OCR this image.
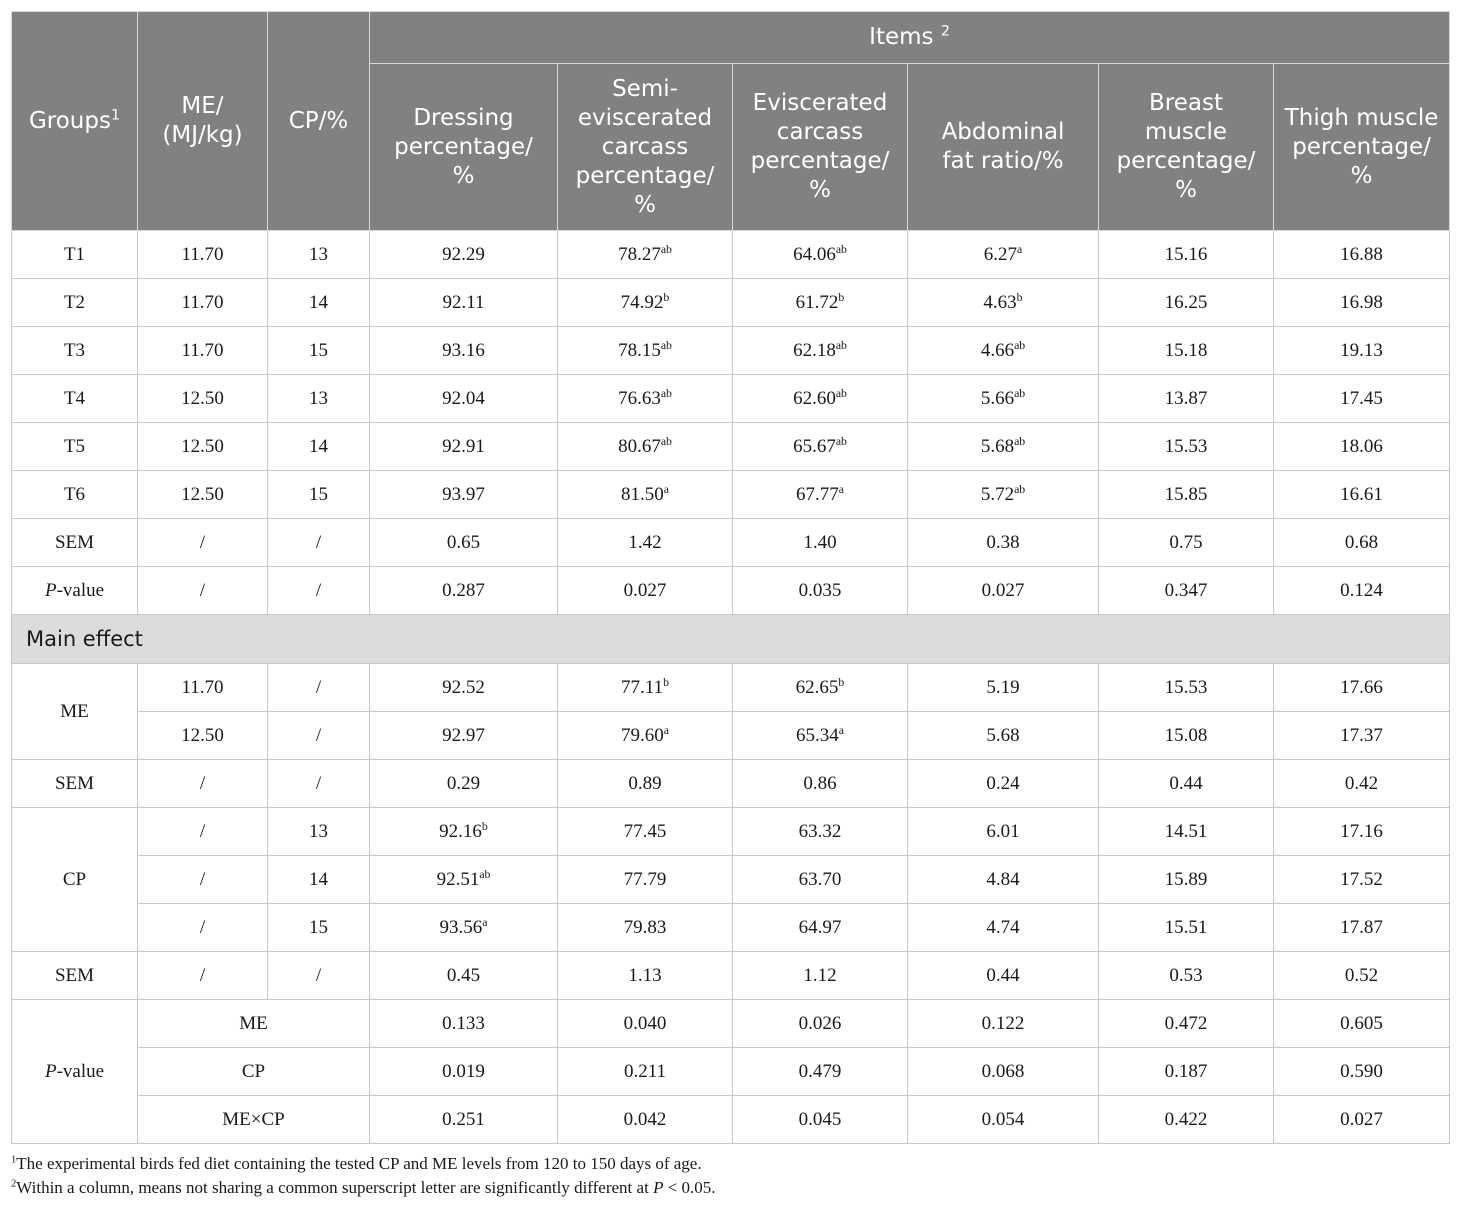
Groups$^1$	ME/ (MJ/kg)	CP/%	Items $^2$
			Dressing percentage/ %	Semi-eviscerated carcass percentage/ %	Eviscerated carcass percentage/ %	Abdominal fat ratio/%	Breast muscle percentage/ %	Thigh muscle percentage/ %
T1	11.70	13	92.29	78.27$^{ab}$	64.06$^{ab}$	6.27$^a$	15.16	16.88
T2	11.70	14	92.11	74.92$^b$	61.72$^b$	4.63$^b$	16.25	16.98
T3	11.70	15	93.16	78.15$^{ab}$	62.18$^{ab}$	4.66$^{ab}$	15.18	19.13
T4	12.50	13	92.04	76.63$^{ab}$	62.60$^{ab}$	5.66$^{ab}$	13.87	17.45
T5	12.50	14	92.91	80.67$^{ab}$	65.67$^{ab}$	5.68$^{ab}$	15.53	18.06
T6	12.50	15	93.97	81.50$^a$	67.77$^a$	5.72$^{ab}$	15.85	16.61
SEM	/	/	0.65	1.42	1.40	0.38	0.75	0.68
P-value	/	/	0.287	0.027	0.035	0.027	0.347	0.124
Main effect								
ME	11.70	/	92.52	77.11$^b$	62.65$^b$	5.19	15.53	17.66
	12.50	/	92.97	79.60$^a$	65.34$^a$	5.68	15.08	17.37
SEM	/	/	0.29	0.89	0.86	0.24	0.44	0.42
CP	/	13	92.16$^b$	77.45	63.32	6.01	14.51	17.16
	/	14	92.51$^{ab}$	77.79	63.70	4.84	15.89	17.52
	/	15	93.56$^a$	79.83	64.97	4.74	15.51	17.87
SEM	/	/	0.45	1.13	1.12	0.44	0.53	0.52
P-value	ME		0.133	0.040	0.026	0.122	0.472	0.605
	CP		0.019	0.211	0.479	0.068	0.187	0.590
	ME×CP		0.251	0.042	0.045	0.054	0.422	0.027
$^1$The experimental birds fed diet containing the tested CP and ME levels from 120 to 150 days of age.
$^2$Within a column, means not sharing a common superscript letter are significantly different at P < 0.05.
